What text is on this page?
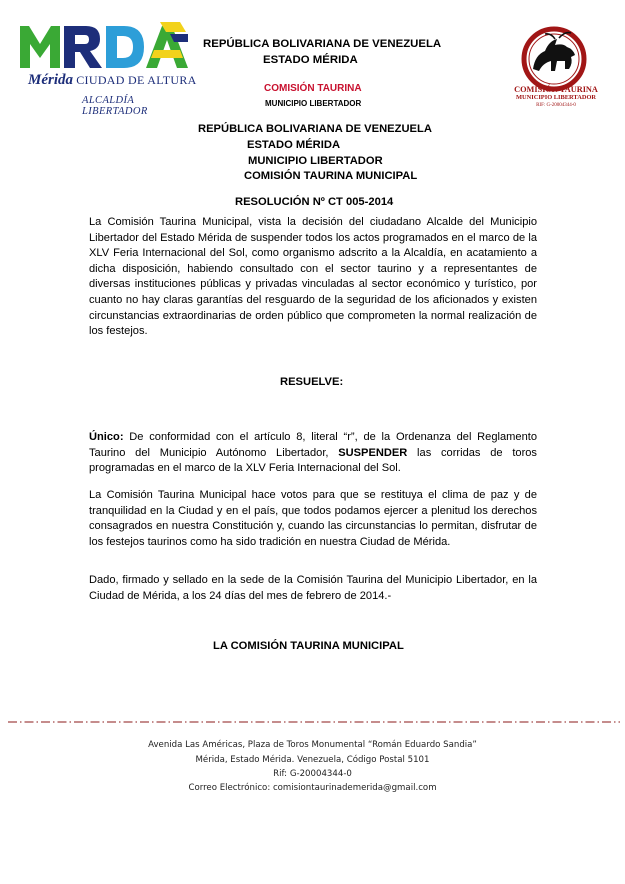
Mérida CIUDAD DE ALTURA
ALCALDÍA LIBERTADOR
REPÚBLICA BOLIVARIANA DE VENEZUELA
ESTADO MÉRIDA
COMISIÓN TAURINA
MUNICIPIO LIBERTADOR
COMISIÓN TAURINA
MUNICIPIO LIBERTADOR
RIF: G-20004344-0
REPÚBLICA BOLIVARIANA DE VENEZUELA
ESTADO MÉRIDA
MUNICIPIO LIBERTADOR
COMISIÓN TAURINA MUNICIPAL
RESOLUCIÓN Nº CT 005-2014

La Comisión Taurina Municipal, vista la decisión del ciudadano Alcalde del Municipio Libertador del Estado Mérida de suspender todos los actos programados en el marco de la XLV Feria Internacional del Sol, como organismo adscrito a la Alcaldía, en acatamiento a dicha disposición, habiendo consultado con el sector taurino y a representantes de diversas instituciones públicas y privadas vinculadas al sector económico y turístico, por cuanto no hay claras garantías del resguardo de la seguridad de los aficionados y existen circunstancias extraordinarias de orden público que comprometen la normal realización de los festejos.

RESUELVE:

Único: De conformidad con el artículo 8, literal “r”, de la Ordenanza del Reglamento Taurino del Municipio Autónomo Libertador, SUSPENDER las corridas de toros programadas en el marco de la XLV Feria Internacional del Sol.

La Comisión Taurina Municipal hace votos para que se restituya el clima de paz y de tranquilidad en la Ciudad y en el país, que todos podamos ejercer a plenitud los derechos consagrados en nuestra Constitución y, cuando las circunstancias lo permitan, disfrutar de los festejos taurinos como ha sido tradición en nuestra Ciudad de Mérida.

Dado, firmado y sellado en la sede de la Comisión Taurina del Municipio Libertador, en la Ciudad de Mérida, a los 24 días del mes de febrero de 2014.-

LA COMISIÓN TAURINA MUNICIPAL
Avenida Las Américas, Plaza de Toros Monumental “Román Eduardo Sandia”
Mérida, Estado Mérida. Venezuela, Código Postal 5101
Rif: G-20004344-0
Correo Electrónico: comisiontaurinademerida@gmail.com
